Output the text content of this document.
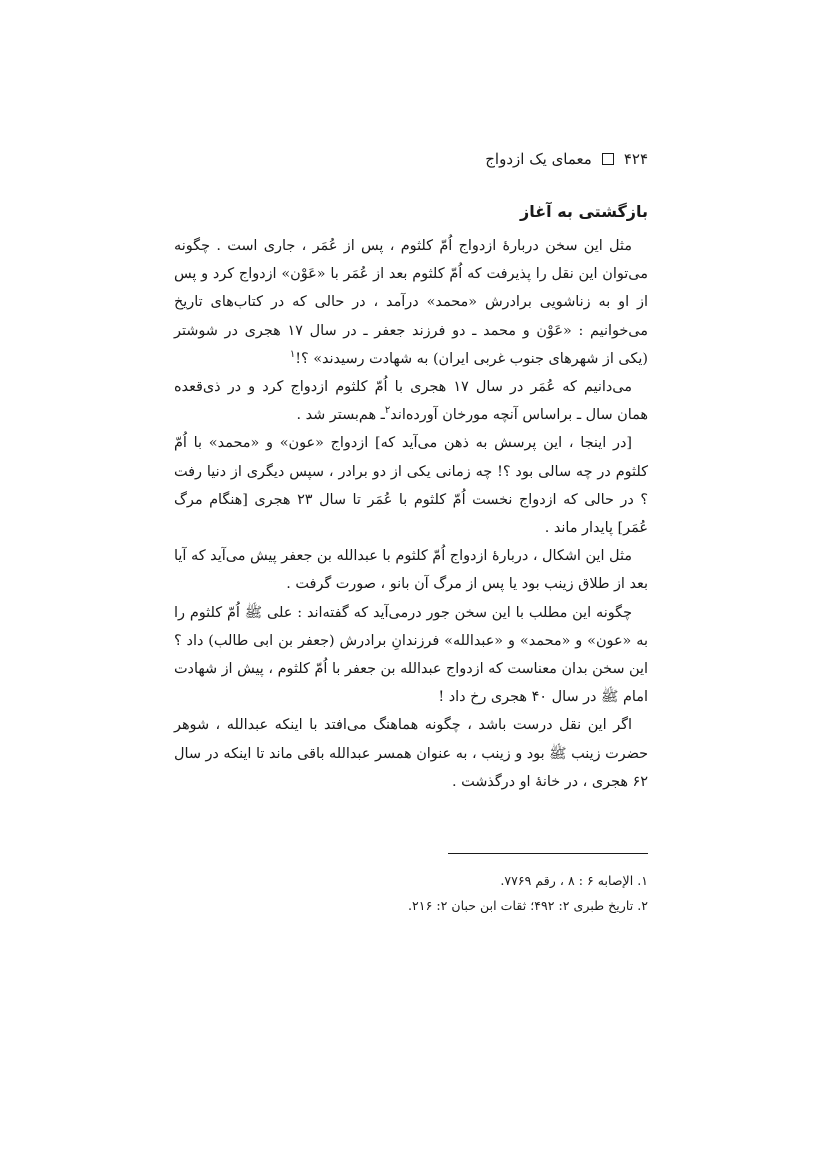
۴۲۴
معمای یک ازدواج
بازگشتی به آغاز

مثل این سخن دربارهٔ ازدواج اُمّ کلثوم ، پس از عُمَر ، جاری است . چگونه می‌توان این نقل را پذیرفت که اُمّ کلثوم بعد از عُمَر با «عَوْن» ازدواج کرد و پس از او به زناشویی برادرش «محمد» درآمد ، در حالی که در کتاب‌های تاریخ می‌خوانیم : «عَوْن و محمد ـ دو فرزند جعفر ـ در سال ۱۷ هجری در شوشتر (یکی از شهرهای جنوب غربی ایران) به شهادت رسیدند» ؟!$^۱$

می‌دانیم که عُمَر در سال ۱۷ هجری با اُمّ کلثوم ازدواج کرد و در ذی‌قعده همان سال ـ براساس آنچه مورخان آورده‌اند$^۲$ـ هم‌بستر شد .

[در اینجا ، این پرسش به ذهن می‌آید که] ازدواج «عون» و «محمد» با اُمّ کلثوم در چه سالی بود ؟! چه زمانی یکی از دو برادر ، سپس دیگری از دنیا رفت ؟ در حالی که ازدواج نخست اُمّ کلثوم با عُمَر تا سال ۲۳ هجری [هنگام مرگ عُمَر] پایدار ماند .

مثل این اشکال ، دربارهٔ ازدواج اُمّ کلثوم با عبدالله بن جعفر پیش می‌آید که آیا بعد از طلاق زینب بود یا پس از مرگ آن بانو ، صورت گرفت .

چگونه این مطلب با این سخن جور درمی‌آید که گفته‌اند : علی ﷺ اُمّ کلثوم را به «عون» و «محمد» و «عبدالله» فرزندانِ برادرش (جعفر بن ابی طالب) داد ؟ این سخن بدان معناست که ازدواج عبدالله بن جعفر با اُمّ کلثوم ، پیش از شهادت امام ﷺ در سال ۴۰ هجری رخ داد !

اگر این نقل درست باشد ، چگونه هماهنگ می‌افتد با اینکه عبدالله ، شوهر حضرت زینب ﷺ بود و زینب ، به عنوان همسر عبدالله باقی ماند تا اینکه در سال ۶۲ هجری ، در خانهٔ او درگذشت .

۱. الإصابه ۶ : ۸ ، رقم ۷۷۶۹.

۲. تاریخ طبری ۲: ۴۹۲؛ ثقات ابن حبان ۲: ۲۱۶.
